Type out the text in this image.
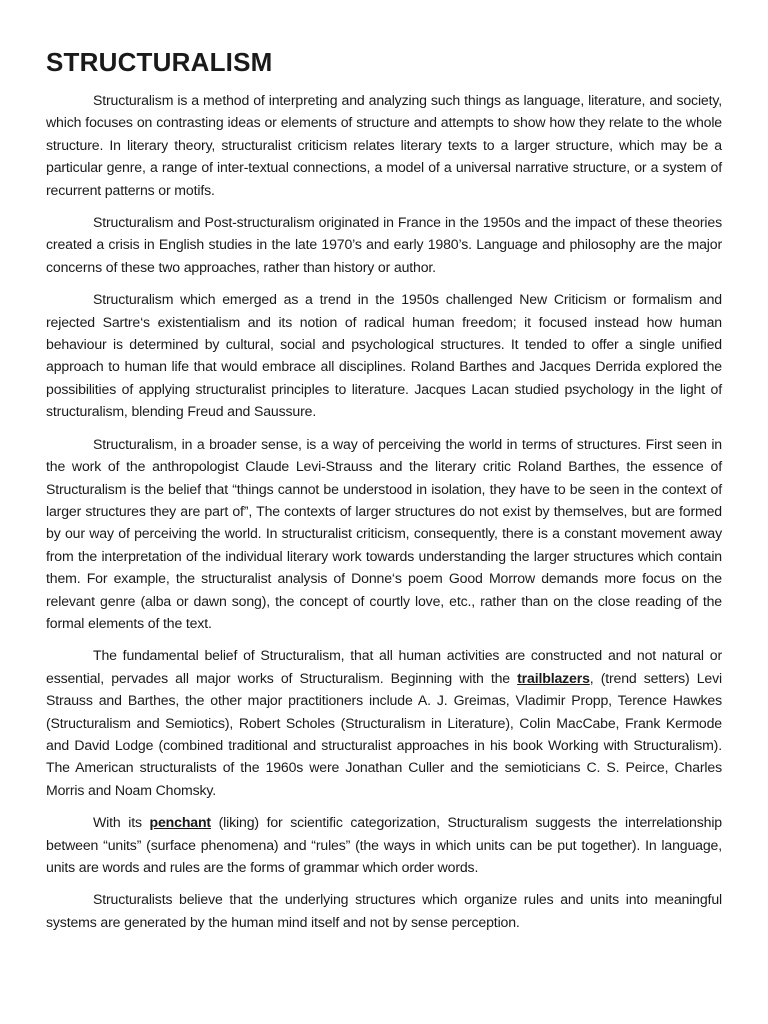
STRUCTURALISM

Structuralism is a method of interpreting and analyzing such things as language, literature, and society, which focuses on contrasting ideas or elements of structure and attempts to show how they relate to the whole structure. In literary theory, structuralist criticism relates literary texts to a larger structure, which may be a particular genre, a range of inter-textual connections, a model of a universal narrative structure, or a system of recurrent patterns or motifs.

Structuralism and Post-structuralism originated in France in the 1950s and the impact of these theories created a crisis in English studies in the late 1970’s and early 1980’s. Language and philosophy are the major concerns of these two approaches, rather than history or author.

Structuralism which emerged as a trend in the 1950s challenged New Criticism or formalism and rejected Sartre‘s existentialism and its notion of radical human freedom; it focused instead how human behaviour is determined by cultural, social and psychological structures. It tended to offer a single unified approach to human life that would embrace all disciplines. Roland Barthes and Jacques Derrida explored the possibilities of applying structuralist principles to literature. Jacques Lacan studied psychology in the light of structuralism, blending Freud and Saussure.

Structuralism, in a broader sense, is a way of perceiving the world in terms of structures. First seen in the work of the anthropologist Claude Levi-Strauss and the literary critic Roland Barthes, the essence of Structuralism is the belief that “things cannot be understood in isolation, they have to be seen in the context of larger structures they are part of”, The contexts of larger structures do not exist by themselves, but are formed by our way of perceiving the world. In structuralist criticism, consequently, there is a constant movement away from the interpretation of the individual literary work towards understanding the larger structures which contain them. For example, the structuralist analysis of Donne‘s poem Good Morrow demands more focus on the relevant genre (alba or dawn song), the concept of courtly love, etc., rather than on the close reading of the formal elements of the text.

The fundamental belief of Structuralism, that all human activities are constructed and not natural or essential, pervades all major works of Structuralism. Beginning with the trailblazers, (trend setters) Levi Strauss and Barthes, the other major practitioners include A. J. Greimas, Vladimir Propp, Terence Hawkes (Structuralism and Semiotics), Robert Scholes (Structuralism in Literature), Colin MacCabe, Frank Kermode and David Lodge (combined traditional and structuralist approaches in his book Working with Structuralism). The American structuralists of the 1960s were Jonathan Culler and the semioticians C. S. Peirce, Charles Morris and Noam Chomsky.

With its penchant (liking) for scientific categorization, Structuralism suggests the interrelationship between “units” (surface phenomena) and “rules” (the ways in which units can be put together). In language, units are words and rules are the forms of grammar which order words.

Structuralists believe that the underlying structures which organize rules and units into meaningful systems are generated by the human mind itself and not by sense perception.
